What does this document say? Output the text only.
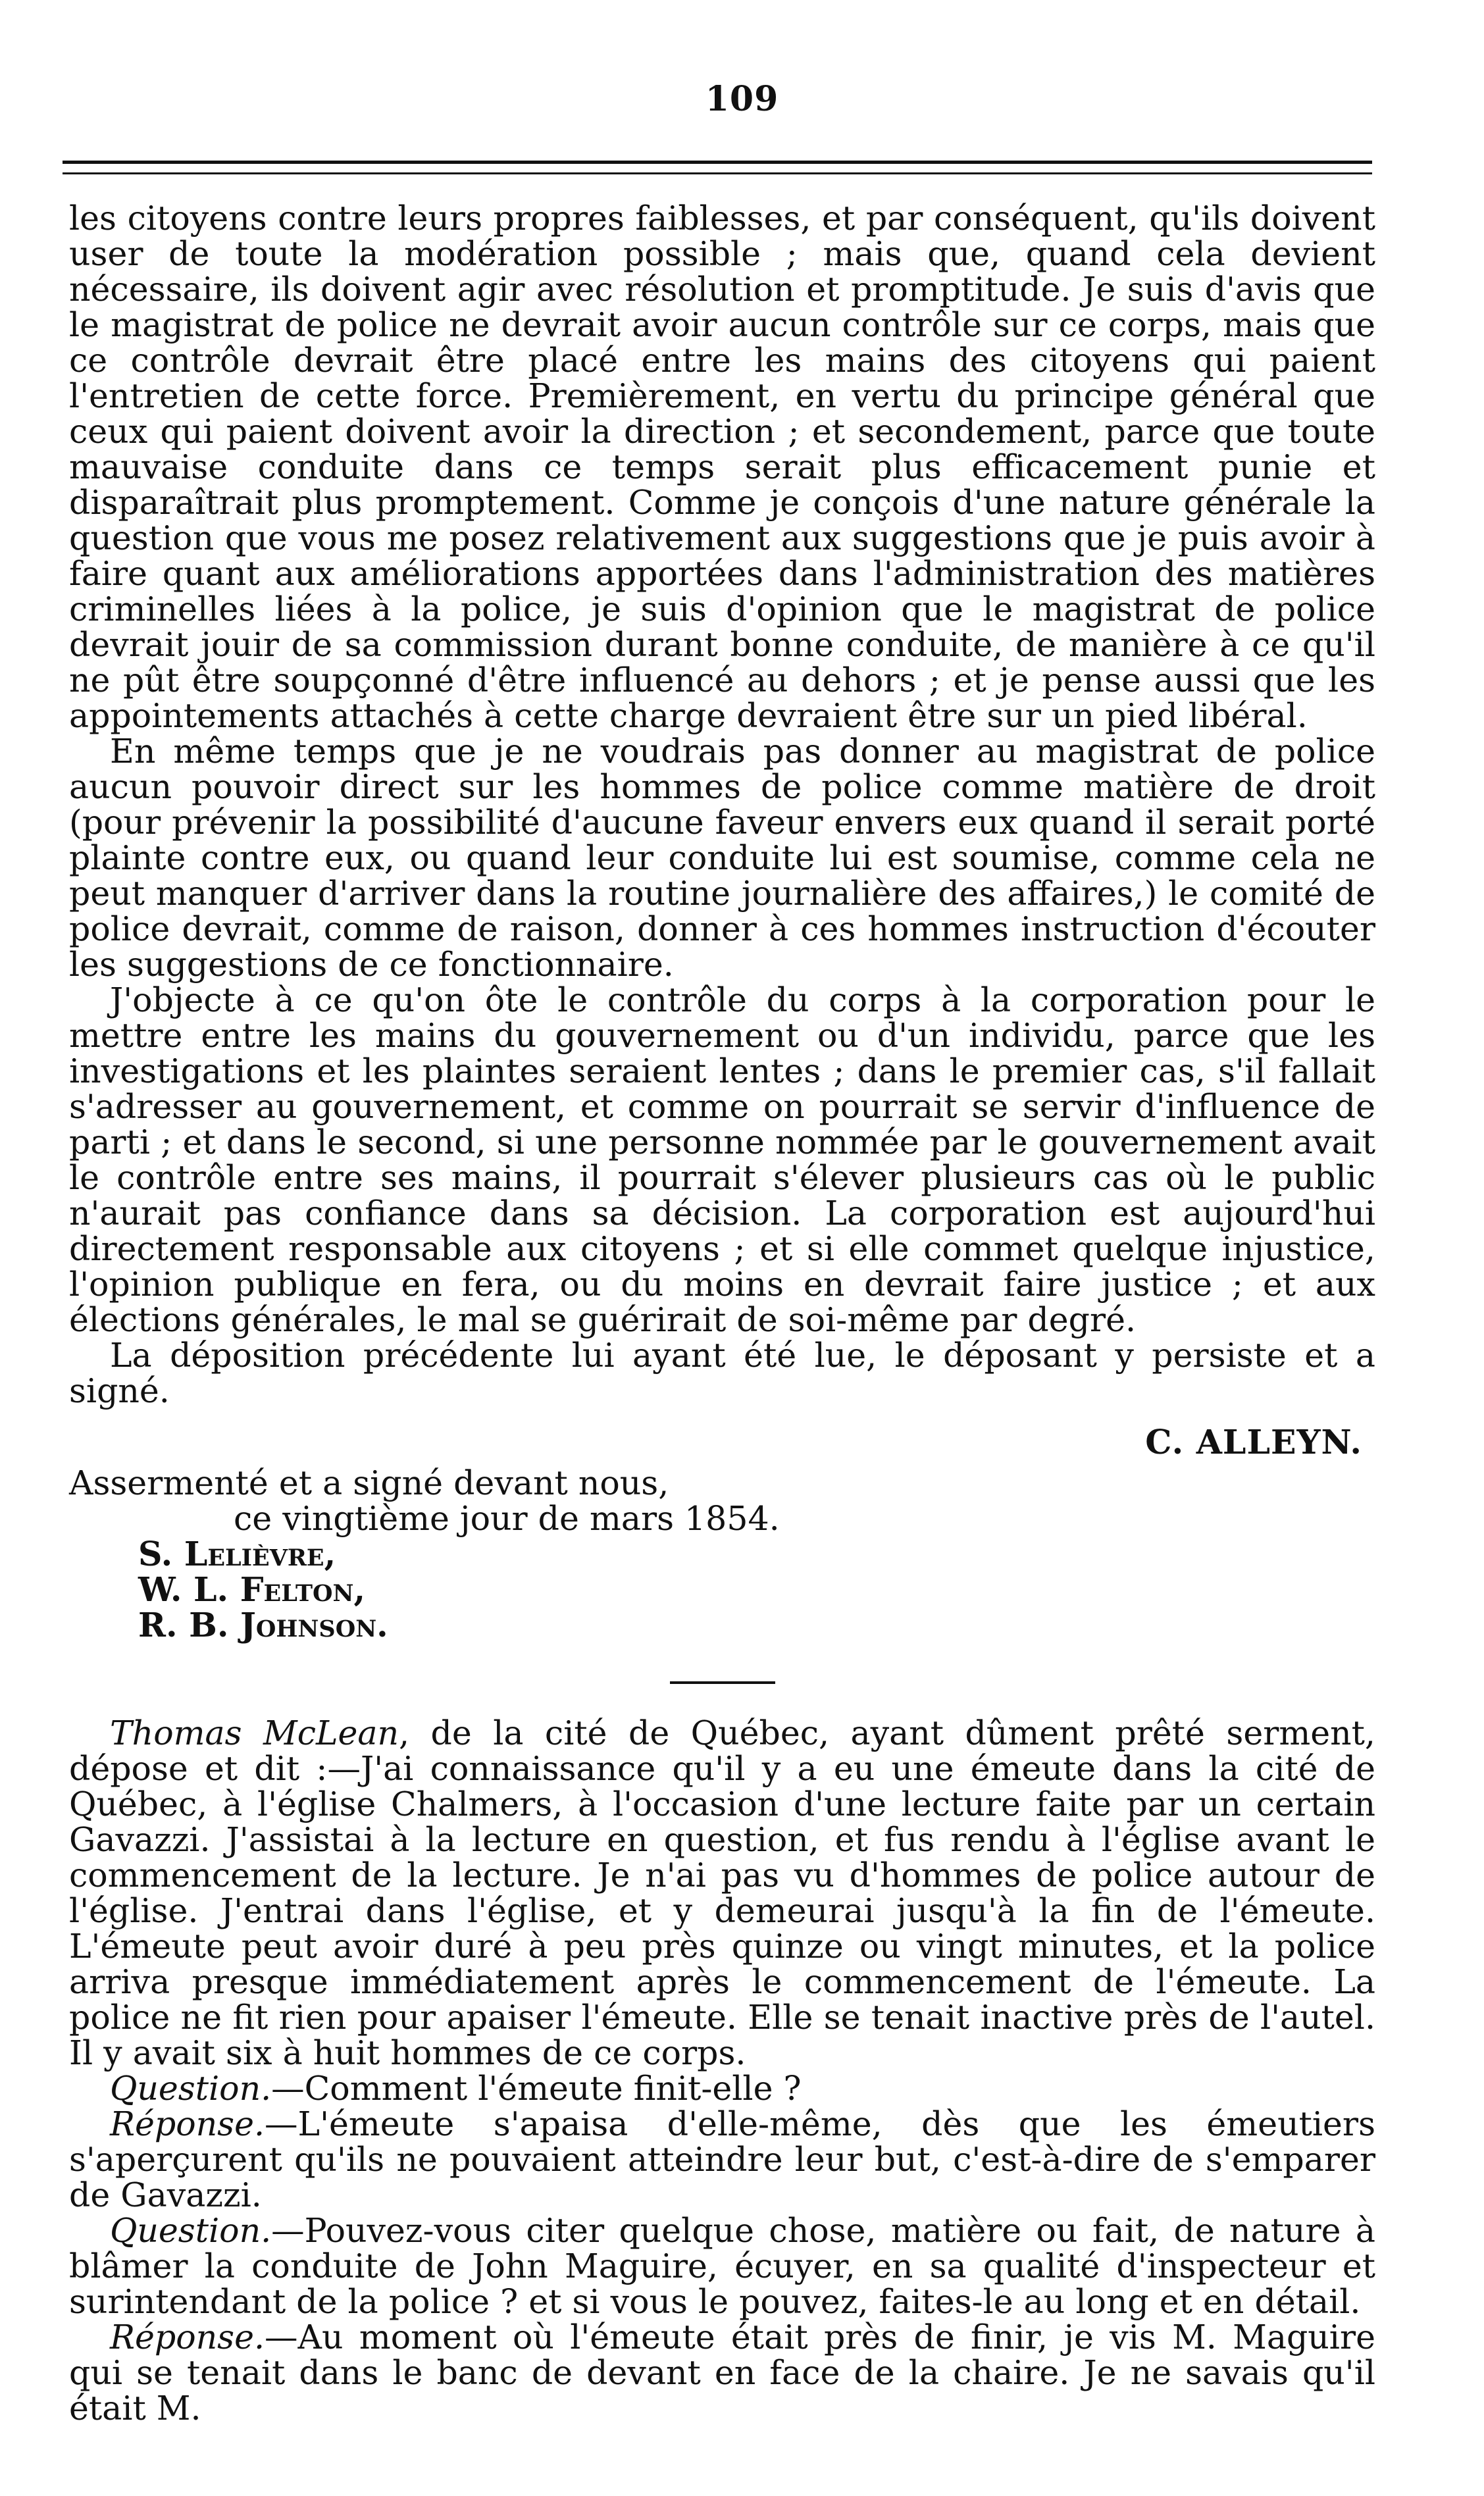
109

les citoyens contre leurs propres faiblesses, et par conséquent, qu'ils doivent user de toute la modération possible ; mais que, quand cela devient nécessaire, ils doivent agir avec résolution et promptitude. Je suis d'avis que le magistrat de police ne devrait avoir aucun contrôle sur ce corps, mais que ce contrôle devrait être placé entre les mains des citoyens qui paient l'entretien de cette force. Premièrement, en vertu du principe général que ceux qui paient doivent avoir la direction ; et secondement, parce que toute mauvaise conduite dans ce temps serait plus efficacement punie et disparaîtrait plus promptement. Comme je conçois d'une nature générale la question que vous me posez relativement aux suggestions que je puis avoir à faire quant aux améliorations apportées dans l'administration des matières criminelles liées à la police, je suis d'opinion que le magistrat de police devrait jouir de sa commission durant bonne conduite, de manière à ce qu'il ne pût être soupçonné d'être influencé au dehors ; et je pense aussi que les appointements attachés à cette charge devraient être sur un pied libéral.

En même temps que je ne voudrais pas donner au magistrat de police aucun pouvoir direct sur les hommes de police comme matière de droit (pour prévenir la possibilité d'aucune faveur envers eux quand il serait porté plainte contre eux, ou quand leur conduite lui est soumise, comme cela ne peut manquer d'arriver dans la routine journalière des affaires,) le comité de police devrait, comme de raison, donner à ces hommes instruction d'écouter les suggestions de ce fonctionnaire.

J'objecte à ce qu'on ôte le contrôle du corps à la corporation pour le mettre entre les mains du gouvernement ou d'un individu, parce que les investigations et les plaintes seraient lentes ; dans le premier cas, s'il fallait s'adresser au gouvernement, et comme on pourrait se servir d'influence de parti ; et dans le second, si une personne nommée par le gouvernement avait le contrôle entre ses mains, il pourrait s'élever plusieurs cas où le public n'aurait pas confiance dans sa décision. La corporation est aujourd'hui directement responsable aux citoyens ; et si elle commet quelque injustice, l'opinion publique en fera, ou du moins en devrait faire justice ; et aux élections générales, le mal se guérirait de soi-même par degré.

La déposition précédente lui ayant été lue, le déposant y persiste et a signé.

C. ALLEYN.

Assermenté et a signé devant nous,

ce vingtième jour de mars 1854.

S. Lelièvre,

W. L. Felton,

R. B. Johnson.

Thomas McLean, de la cité de Québec, ayant dûment prêté serment, dépose et dit :—J'ai connaissance qu'il y a eu une émeute dans la cité de Québec, à l'église Chalmers, à l'occasion d'une lecture faite par un certain Gavazzi. J'assistai à la lecture en question, et fus rendu à l'église avant le commencement de la lecture. Je n'ai pas vu d'hommes de police autour de l'église. J'entrai dans l'église, et y demeurai jusqu'à la fin de l'émeute. L'émeute peut avoir duré à peu près quinze ou vingt minutes, et la police arriva presque immédiatement après le commencement de l'émeute. La police ne fit rien pour apaiser l'émeute. Elle se tenait inactive près de l'autel. Il y avait six à huit hommes de ce corps.

Question.—Comment l'émeute finit-elle ?

Réponse.—L'émeute s'apaisa d'elle-même, dès que les émeutiers s'aperçurent qu'ils ne pouvaient atteindre leur but, c'est-à-dire de s'emparer de Gavazzi.

Question.—Pouvez-vous citer quelque chose, matière ou fait, de nature à blâmer la conduite de John Maguire, écuyer, en sa qualité d'inspecteur et surintendant de la police ? et si vous le pouvez, faites-le au long et en détail.

Réponse.—Au moment où l'émeute était près de finir, je vis M. Maguire qui se tenait dans le banc de devant en face de la chaire. Je ne savais qu'il était M.
